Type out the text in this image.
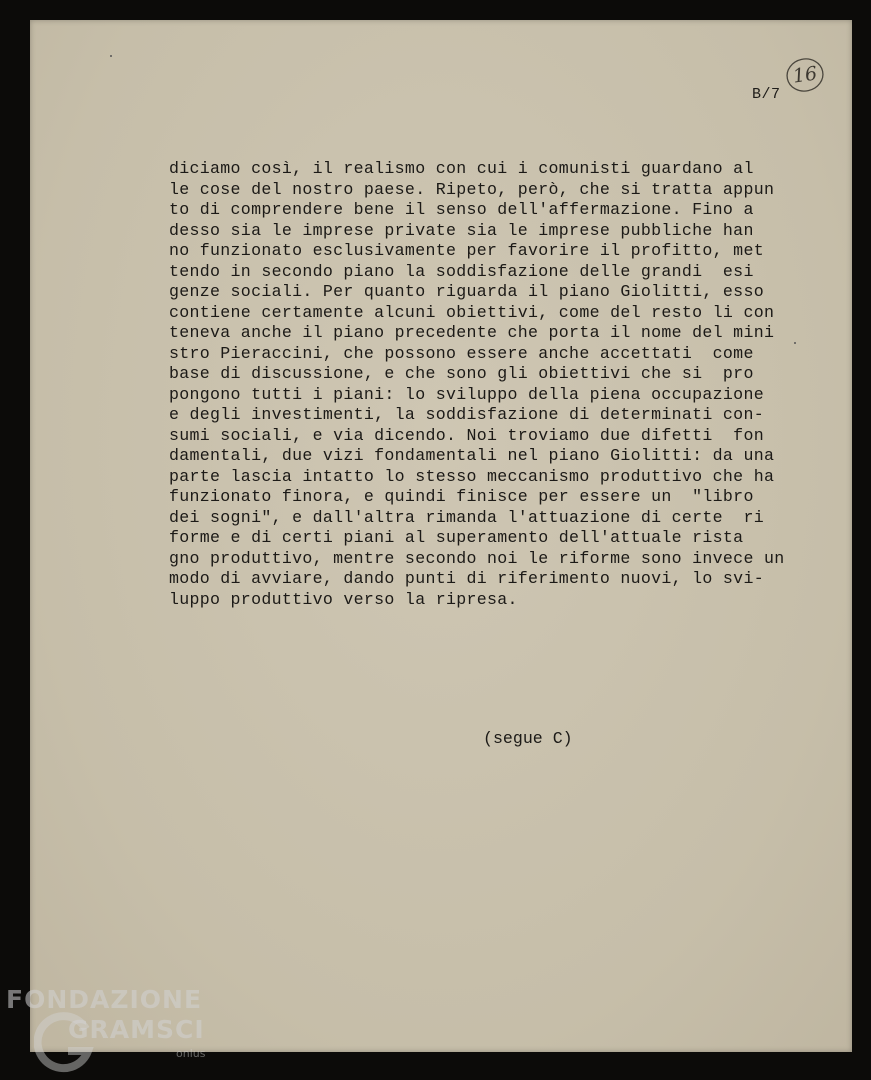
16
B/7
diciamo così, il realismo con cui i comunisti guardano al
le cose del nostro paese. Ripeto, però, che si tratta appun
to di comprendere bene il senso dell'affermazione. Fino a
desso sia le imprese private sia le imprese pubbliche han
no funzionato esclusivamente per favorire il profitto, met
tendo in secondo piano la soddisfazione delle grandi  esi
genze sociali. Per quanto riguarda il piano Giolitti, esso
contiene certamente alcuni obiettivi, come del resto li con
teneva anche il piano precedente che porta il nome del mini
stro Pieraccini, che possono essere anche accettati  come
base di discussione, e che sono gli obiettivi che si  pro
pongono tutti i piani: lo sviluppo della piena occupazione
e degli investimenti, la soddisfazione di determinati con-
sumi sociali, e via dicendo. Noi troviamo due difetti  fon
damentali, due vizi fondamentali nel piano Giolitti: da una
parte lascia intatto lo stesso meccanismo produttivo che ha
funzionato finora, e quindi finisce per essere un  "libro
dei sogni", e dall'altra rimanda l'attuazione di certe  ri
forme e di certi piani al superamento dell'attuale rista
gno produttivo, mentre secondo noi le riforme sono invece un
modo di avviare, dando punti di riferimento nuovi, lo svi-
luppo produttivo verso la ripresa.
(segue C)
FONDAZIONE
GRAMSCI
onlus
